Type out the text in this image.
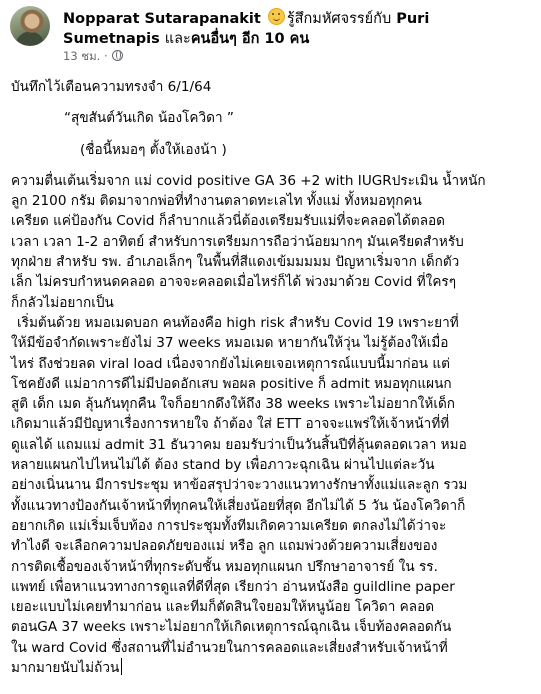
Nopparat Sutarapanakit รู้สึกมหัศจรรย์กับ Puri
Sumetnapis และคนอื่นๆ อีก 10 คน
13 ชม. ·
บันทึกไว้เตือนความทรงจำ 6/1/64
“สุขสันต์วันเกิด น้องโควิดา ”
(ชื่อนี้หมอๆ ตั้งให้เองน้า )
ความตื่นเต้นเริ่มจาก แม่ covid positive GA 36 +2 with IUGRประเมิน น้ำหนัก
ลูก 2100 กรัม ติดมาจากพ่อที่ทำงานตลาดทะเลไท ทั้งแม่ ทั้งหมอทุกคน
เครียด แค่ป้องกัน Covid ก็ลำบากแล้วนี่ต้องเตรียมรับแม่ที่จะคลอดได้ตลอด
เวลา เวลา 1-2 อาทิตย์ สำหรับการเตรียมการถือว่าน้อยมากๆ มันเครียดสำหรับ
ทุกฝ่าย สำหรับ รพ. อำเภอเล็กๆ ในพื้นที่สีแดงเข้มมมมม ปัญหาเริ่มจาก เด็กตัว
เล็ก ไม่ครบกำหนดคลอด อาจจะคลอดเมื่อไหร่ก็ได้ พ่วงมาด้วย Covid ที่ใครๆ
ก็กลัวไม่อยากเป็น
เริ่มต้นด้วย หมอเมดบอก คนท้องคือ high risk สำหรับ Covid 19 เพราะยาที่
ให้มีข้อจำกัดเพราะยังไม่ 37 weeks หมอเมด หายากันให้วุ่น ไม่รู้ต้องให้เมื่อ
ไหร่ ถึงช่วยลด viral load เนื่องจากยังไม่เคยเจอเหตุการณ์แบบนี้มาก่อน แต่
โชคยังดี แม่อาการดีไม่มีปอดอักเสบ พอผล positive ก็ admit หมอทุกแผนก
สูติ เด็ก เมด ลุ้นกันทุกคืน ใจก็อยากดึงให้ถึง 38 weeks เพราะไม่อยากให้เด็ก
เกิดมาแล้วมีปัญหาเรื่องการหายใจ ถ้าต้อง ใส่ ETT อาจจะแพร่ให้เจ้าหน้าที่ที่
ดูแลได้ แถมแม่ admit 31 ธันวาคม ยอมรับว่าเป็นวันสิ้นปีที่ลุ้นตลอดเวลา หมอ
หลายแผนกไปไหนไม่ได้ ต้อง stand by เพื่อภาวะฉุกเฉิน ผ่านไปแต่ละวัน
อย่างเนิ่นนาน มีการประชุม หาข้อสรุปว่าจะวางแนวทางรักษาทั้งแม่และลูก รวม
ทั้งแนวทางป้องกันเจ้าหน้าที่ทุกคนให้เสี่ยงน้อยที่สุด อีกไม่ได้ 5 วัน น้องโควิดาก็
อยากเกิด แม่เริ่มเจ็บท้อง การประชุมทั้งทีมเกิดความเครียด ตกลงไม่ได้ว่าจะ
ทำไงดี จะเลือกความปลอดภัยของแม่ หรือ ลูก แถมพ่วงด้วยความเสี่ยงของ
การติดเชื้อของเจ้าหน้าที่ทุกระดับชั้น หมอทุกแผนก ปรึกษาอาจารย์ ใน รร.
แพทย์ เพื่อหาแนวทางการดูแลที่ดีที่สุด เรียกว่า อ่านหนังสือ guildline paper
เยอะแบบไม่เคยทำมาก่อน และทีมก็ตัดสินใจยอมให้หนูน้อย โควิดา คลอด
ตอนGA 37 weeks เพราะไม่อยากให้เกิดเหตุการณ์ฉุกเฉิน เจ็บท้องคลอดกัน
ใน ward Covid ซึ่งสถานที่ไม่อำนวยในการคลอดและเสี่ยงสำหรับเจ้าหน้าที่
มากมายนับไม่ถ้วน
